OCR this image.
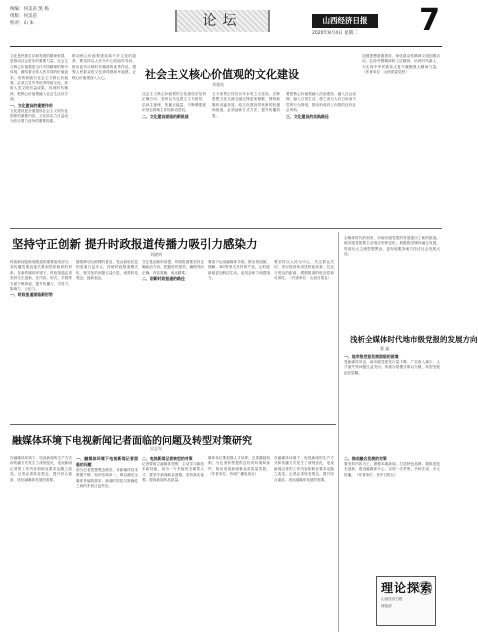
统编：何美苗 凯 杨
组版：何美苗
校对：山 朱	论坛	山西经济日报
2020年8月4日 星期二 7
社会主义核心价值观的文化建设
刘建英
文化是民族生存和发展的精神家园，是推动社会进步的重要力量。社会主义核心价值观是当代中国精神的集中体现，凝结着全体人民共同的价值追求。培育和践行社会主义核心价值观，必须立足中华优秀传统文化，汲取人类文明有益成果，体现时代精神，把核心价值观融入社会生活各方面。
一、文化建设的重要作用
文化建设是全面建设社会主义现代化国家的重要内容，文化软实力日益成为综合国力竞争的重要因素。
推动核心价值观建设离不开文化的滋养，要坚持以人民为中心的创作导向，推出更多反映时代精神的优秀作品，增强人民群众的文化获得感和幸福感，让核心价值观深入人心。
社会主义核心价值观的文化建设应坚持正确方向，坚持以马克思主义为指导，弘扬主旋律，传播正能量，不断增强意识形态领域主导权和话语权。
二、文化建设面临的新挑战
当今世界正经历百年未有之大变局，各种思想文化交流交融交锋更加频繁，网络新媒体迅猛发展，给文化建设带来新的机遇和挑战，必须创新方式方法，提升传播效果。
要把核心价值观融入法治建设、融入社会治理、融入日常生活，使之成为人们日用而不觉的行为准则，推动形成向上向善的良好社会风尚。
三、文化建设的实践路径
加强思想道德建设，深化群众性精神文明创建活动，弘扬劳模精神和工匠精神，培育时代新人，为实现中华民族伟大复兴凝聚强大精神力量。（作者单位：山西省委党校）
坚持守正创新 提升时政报道传播力吸引力感染力
刘晓明
时政新闻是新闻报道的重要组成部分，其传播效果直接关系到党和政府的形象。在新的媒体环境下，时政报道必须坚持守正创新，在内容、形式、手段等方面不断探索，提升传播力、引导力、影响力、公信力。
一、时政报道面临新形势
随着移动互联网的普及，受众获取信息的渠道日益多元，传统时政报道模式化、程式化的问题日益凸显，亟需转变观念，创新表达。
守正是创新的前提，时政报道要坚持正确政治方向，把握好时度效，确保导向正确、内容准确、表达精准。
二、创新时政报道的路径
要善于运用融媒体手段，推出短视频、图解、H5等形式多样的产品，让时政新闻更加鲜活生动，更具亲和力和感染力。
要坚持以人民为中心，关注群众关切，用百姓视角讲述时政故事，拉近与受众的距离，增强报道的贴近性和可读性。（作者单位：山西日报社）
全媒体时代的到来，对地市级党报的发展提出了新的挑战。地市级党报要主动适应形势变化，积极推进媒体融合发展，巩固壮大主流思想舆论，更好地服务地方经济社会发展大局。
浅析全媒体时代地市级党报的发展方向
曹 鑫
一、地市级党报发展面临的困境
受新媒体冲击，地市级党报发行量下降、广告收入减少、人才流失等问题日益突出，传统办报模式难以为继，转型发展迫在眉睫。
二、推动融合发展的对策
要坚持内容为王，做强本地新闻，打造特色品牌；要推进技术创新，建设融媒体中心，实现一次采集、多种生成、多元传播。（作者单位：晋中日报社）
融媒体环境下电视新闻记者面临的问题及转型对策研究
吴志军
在融媒体环境下，电视新闻的生产方式和传播方式发生了深刻变化，电视新闻记者的工作内容和职业要求也随之改变。记者必须转变观念，提升综合素质，适应融媒体发展的需要。
一、融媒体环境下电视新闻记者面临的问题
部分记者思想观念陈旧，对新媒体技术掌握不够，知识结构单一，难以满足全媒体采编的需求；新闻时效性与准确性之间的矛盾日益突出。
二、电视新闻记者转型的对策
记者要树立融媒体思维，主动学习新技术新技能，成为一专多能的全媒型人才；要坚守新闻职业道德，坚持真实客观，提高新闻作品质量。
媒体单位要加强人才培养，完善激励机制，为记者转型提供良好的环境和条件，推动电视新闻事业高质量发展。（作者单位：晋城广播电视台）
在融媒体环境下，电视新闻的生产方式和传播方式发生了深刻变化，电视新闻记者的工作内容和职业要求也随之改变。记者必须转变观念，提升综合素质，适应融媒体发展的需要。
理论探索
山西经济日报
理论部
